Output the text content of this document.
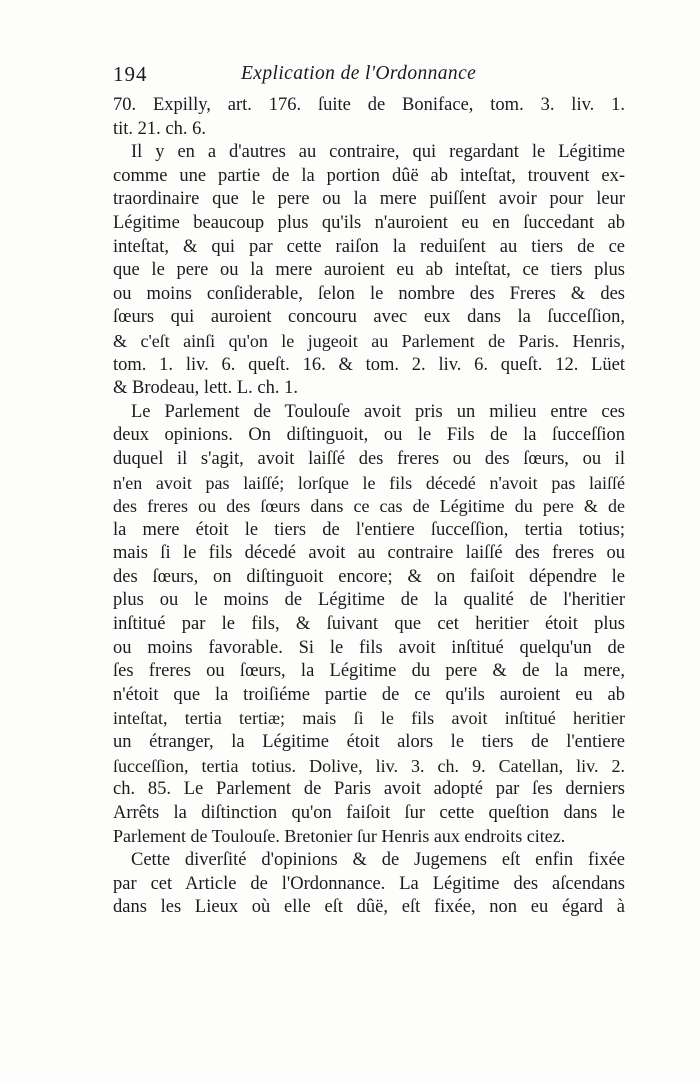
194	Explication de l'Ordonnance
70. Expilly, art. 176. ſuite de Boniface, tom. 3. liv. 1.
tit. 21. ch. 6.
Il y en a d'autres au contraire, qui regardant le Légitime
comme une partie de la portion dûë ab inteſtat, trouvent ex-
traordinaire que le pere ou la mere puiſſent avoir pour leur
Légitime beaucoup plus qu'ils n'auroient eu en ſuccedant ab
inteſtat, & qui par cette raiſon la reduiſent au tiers de ce
que le pere ou la mere auroient eu ab inteſtat, ce tiers plus
ou moins conſiderable, ſelon le nombre des Freres & des
ſœurs qui auroient concouru avec eux dans la ſucceſſion,
& c'eſt ainſi qu'on le jugeoit au Parlement de Paris. Henris,
tom. 1. liv. 6. queſt. 16. & tom. 2. liv. 6. queſt. 12. Lüet
& Brodeau, lett. L. ch. 1.
Le Parlement de Toulouſe avoit pris un milieu entre ces
deux opinions. On diſtinguoit, ou le Fils de la ſucceſſion
duquel il s'agit, avoit laiſſé des freres ou des ſœurs, ou il
n'en avoit pas laiſſé; lorſque le fils décedé n'avoit pas laiſſé
des freres ou des ſœurs dans ce cas de Légitime du pere & de
la mere étoit le tiers de l'entiere ſucceſſion, tertia totius;
mais ſi le fils décedé avoit au contraire laiſſé des freres ou
des ſœurs, on diſtinguoit encore; & on faiſoit dépendre le
plus ou le moins de Légitime de la qualité de l'heritier
inſtitué par le fils, & ſuivant que cet heritier étoit plus
ou moins favorable. Si le fils avoit inſtitué quelqu'un de
ſes freres ou ſœurs, la Légitime du pere & de la mere,
n'étoit que la troiſiéme partie de ce qu'ils auroient eu ab
inteſtat, tertia tertiæ; mais ſi le fils avoit inſtitué heritier
un étranger, la Légitime étoit alors le tiers de l'entiere
ſucceſſion, tertia totius. Dolive, liv. 3. ch. 9. Catellan, liv. 2.
ch. 85. Le Parlement de Paris avoit adopté par ſes derniers
Arrêts la diſtinction qu'on faiſoit ſur cette queſtion dans le
Parlement de Toulouſe. Bretonier ſur Henris aux endroits citez.
Cette diverſité d'opinions & de Jugemens eſt enfin fixée
par cet Article de l'Ordonnance. La Légitime des aſcendans
dans les Lieux où elle eſt dûë, eſt fixée, non eu égard à
